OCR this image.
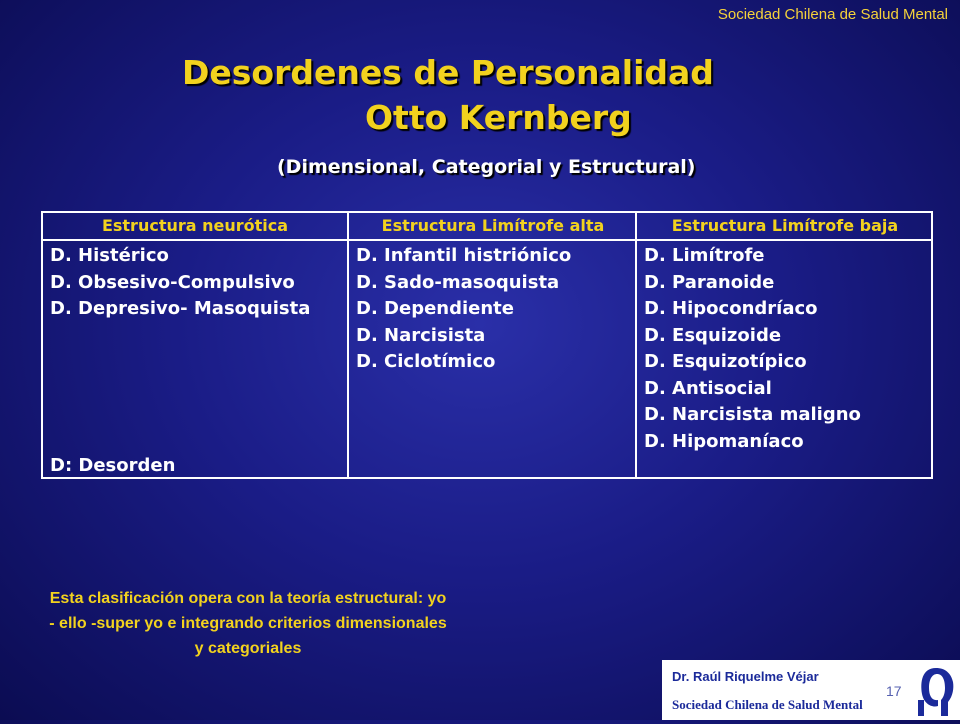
Sociedad Chilena de Salud Mental
Desordenes de Personalidad
Otto Kernberg
(Dimensional, Categorial y Estructural)
Estructura neurótica
D. Histérico
D. Obsesivo-Compulsivo
D. Depresivo- Masoquista
D: Desorden
Estructura Limítrofe alta
D. Infantil histriónico
D. Sado-masoquista
D. Dependiente
D. Narcisista
D. Ciclotímico
Estructura Limítrofe baja
D. Limítrofe
D. Paranoide
D. Hipocondríaco
D. Esquizoide
D. Esquizotípico
D. Antisocial
D. Narcisista maligno
D. Hipomaníaco
Esta clasificación opera con la teoría estructural: yo - ello -super yo e integrando criterios dimensionales y categoriales
Dr. Raúl Riquelme Véjar
Sociedad Chilena de Salud Mental
17
